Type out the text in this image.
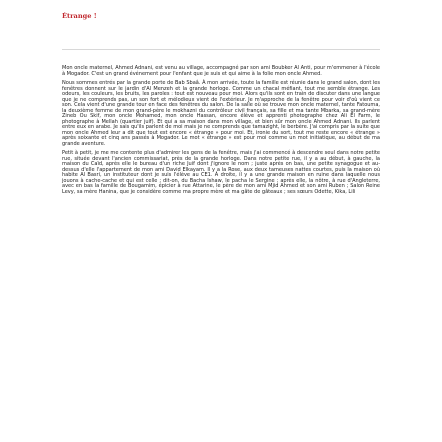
Étrange !

Mon oncle maternel, Ahmed Adnani, est venu au village, accompagné par son ami Boubker Al Anti, pour m'emmener à l'école à Mogador. C'est un grand événement pour l'enfant que je suis et qui aime à la folie mon oncle Ahmed.

Nous sommes entrés par la grande porte de Bab Sbaâ. À mon arrivée, toute la famille est réunie dans le grand salon, dont les fenêtres donnent sur le jardin d'Al Menzeh et la grande horloge. Comme un chacal méfiant, tout me semble étrange. Les odeurs, les couleurs, les bruits, les paroles : tout est nouveau pour moi. Alors qu'ils sont en train de discuter dans une langue que je ne comprends pas, un son fort et mélodieux vient de l'extérieur. Je m'approche de la fenêtre pour voir d'où vient ce son. Cela vient d'une grande tour en face des fenêtres du salon. De la salle où se trouve mon oncle maternel, tante Fatouma, la deuxième femme de mon grand-père le mokhazni du contrôleur civil français, sa fille et ma tante Mbarka, sa grand-mère Zineb Ou Skif, mon oncle Mohamed, mon oncle Hassan, encore élève et apprenti photographe chez Ali El Farm, le photographe à Mellah (quartier juif). Et qui a sa maison dans mon village, et bien sûr mon oncle Ahmed Adnani. Ils parlent entre eux en arabe. Je sais qu'ils parlent de moi mais je ne comprends que tamazight, le berbère. J'ai compris par la suite que mon oncle Ahmed leur a dit que tout est encore « étrange » pour moi. Et, ironie du sort, tout me reste encore « étrange » après soixante et cinq ans passés à Mogador. Le mot « étrange » est pour moi comme un mot initiatique, au début de ma grande aventure.

Petit à petit, je me me contente plus d'admirer les gens de la fenêtre, mais j'ai commencé à descendre seul dans notre petite rue, située devant l'ancien commissariat, près de la grande horloge. Dans notre petite rue, il y a au début, à gauche, la maison du Caïd, après elle le bureau d'un riche Juif dont j'ignore le nom ; juste après on bas, une petite synagogue et au-dessus d'elle l'appartement de mon ami David Elkayam. Il y a la Rose, aux deux tameuses nattes courtes, puis la maison où habite Al Basri, un instituteur dont je suis l'élève au CE1. À droite, il y a une grande maison en ruine dans laquelle nous jouons à cache-cache et qui est celle ; dit-on, du Bacha Ishaw, le pacha le Sergine ; après elle, la nôtre, à rue d'Angleterre, avec en bas la famille de Bougamim, épicier à rue Attarine, le père de mon ami Mjid Ahmed et son ami Ruben ; Salon Reine Levy, sa mère Hanina, que je considère comme ma propre mère et ma gâte de gâteaux ; ses sœurs Odette, Kika, Lili
